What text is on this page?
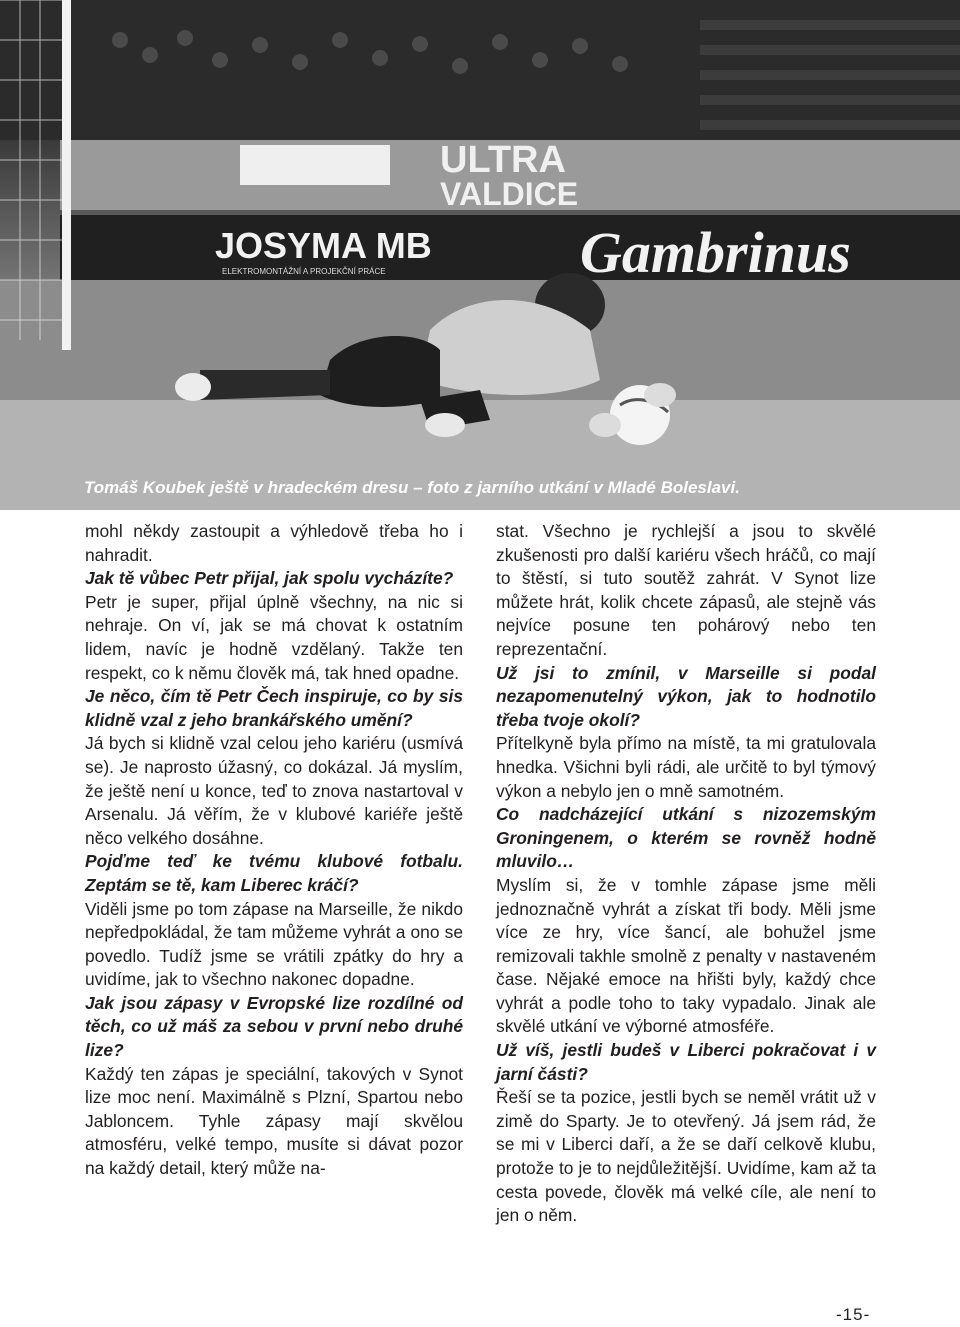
ULTRA
VALDICE
JOSYMA MB
ELEKTROMONTÁŽNÍ A PROJEKČNÍ PRÁCE	Gambrinus
Tomáš Koubek ještě v hradeckém dresu – foto z jarního utkání v Mladé Boleslavi.

mohl někdy zastoupit a výhledově třeba ho i nahradit.

Jak tě vůbec Petr přijal, jak spolu vycházíte?

Petr je super, přijal úplně všechny, na nic si nehraje. On ví, jak se má chovat k ostatním lidem, navíc je hodně vzdělaný. Takže ten respekt, co k němu člověk má, tak hned opadne.

Je něco, čím tě Petr Čech inspiruje, co by sis klidně vzal z jeho brankářského umění?

Já bych si klidně vzal celou jeho kariéru (usmívá se). Je naprosto úžasný, co dokázal. Já myslím, že ještě není u konce, teď to znova nastartoval v Arsenalu. Já věřím, že v klubové kariéře ještě něco velkého dosáhne.

Pojďme teď ke tvému klubové fotbalu. Zeptám se tě, kam Liberec kráčí?

Viděli jsme po tom zápase na Marseille, že nikdo nepředpokládal, že tam můžeme vyhrát a ono se povedlo. Tudíž jsme se vrátili zpátky do hry a uvidíme, jak to všechno nakonec dopadne.

Jak jsou zápasy v Evropské lize rozdílné od těch, co už máš za sebou v první nebo druhé lize?

Každý ten zápas je speciální, takových v Synot lize moc není. Maximálně s Plzní, Spartou nebo Jabloncem. Tyhle zápasy mají skvělou atmosféru, velké tempo, musíte si dávat pozor na každý detail, který může na-

stat. Všechno je rychlejší a jsou to skvělé zkušenosti pro další kariéru všech hráčů, co mají to štěstí, si tuto soutěž zahrát. V Synot lize můžete hrát, kolik chcete zápasů, ale stejně vás nejvíce posune ten pohárový nebo ten reprezentační.

Už jsi to zmínil, v Marseille si podal nezapomenutelný výkon, jak to hodnotilo třeba tvoje okolí?

Přítelkyně byla přímo na místě, ta mi gratulovala hnedka. Všichni byli rádi, ale určitě to byl týmový výkon a nebylo jen o mně samotném.

Co nadcházející utkání s nizozemským Groningenem, o kterém se rovněž hodně mluvilo…

Myslím si, že v tomhle zápase jsme měli jednoznačně vyhrát a získat tři body. Měli jsme více ze hry, více šancí, ale bohužel jsme remizovali takhle smolně z penalty v nastaveném čase. Nějaké emoce na hřišti byly, každý chce vyhrát a podle toho to taky vypadalo. Jinak ale skvělé utkání ve výborné atmosféře.

Už víš, jestli budeš v Liberci pokračovat i v jarní části?

Řeší se ta pozice, jestli bych se neměl vrátit už v zimě do Sparty. Je to otevřený. Já jsem rád, že se mi v Liberci daří, a že se daří celkově klubu, protože to je to nejdůležitější. Uvidíme, kam až ta cesta povede, člověk má velké cíle, ale není to jen o něm.

-15-
